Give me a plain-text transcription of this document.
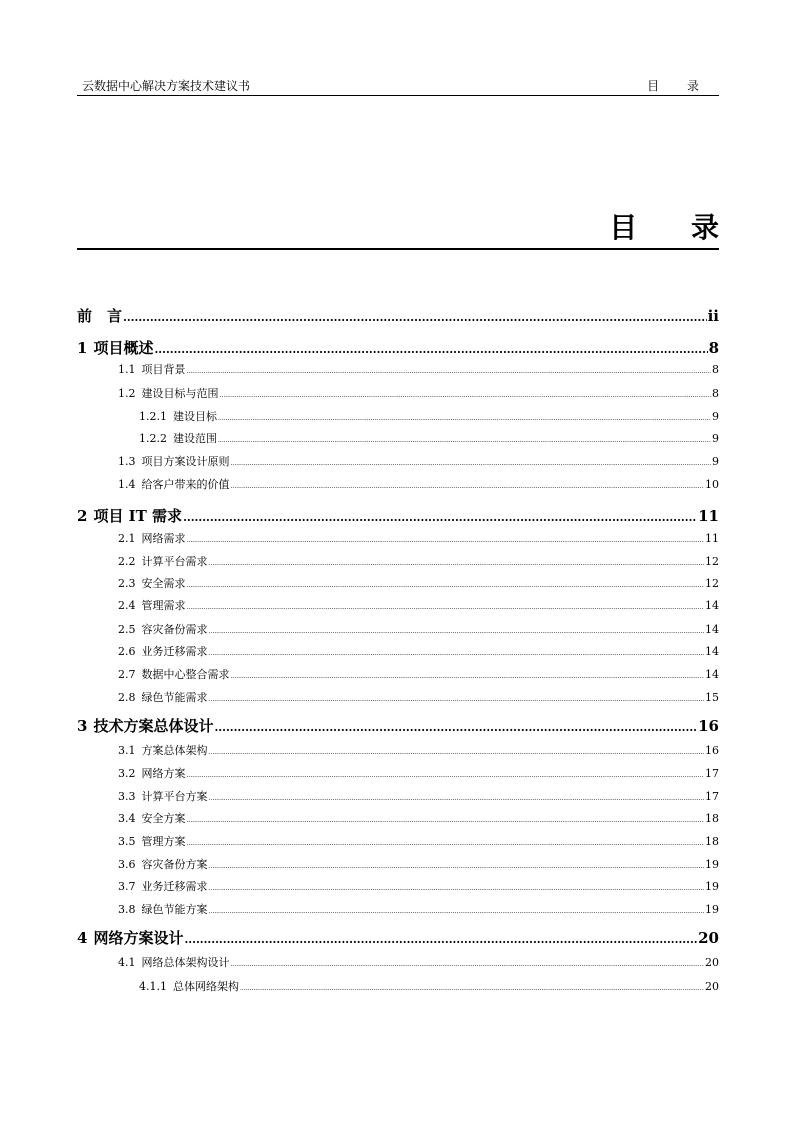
云数据中心解决方案技术建议书	目 录
目 录
前　言 .....	ii
1 项目概述 .....	8
1.1 项目背景 .....	8
1.2 建设目标与范围 .....	8
1.2.1 建设目标 .....	9
1.2.2 建设范围 .....	9
1.3 项目方案设计原则 .....	9
1.4 给客户带来的价值 .....	10
2 项目 IT 需求 .....	11
2.1 网络需求 .....	11
2.2 计算平台需求 .....	12
2.3 安全需求 .....	12
2.4 管理需求 .....	14
2.5 容灾备份需求 .....	14
2.6 业务迁移需求 .....	14
2.7 数据中心整合需求 .....	14
2.8 绿色节能需求 .....	15
3 技术方案总体设计 .....	16
3.1 方案总体架构 .....	16
3.2 网络方案 .....	17
3.3 计算平台方案 .....	17
3.4 安全方案 .....	18
3.5 管理方案 .....	18
3.6 容灾备份方案 .....	19
3.7 业务迁移需求 .....	19
3.8 绿色节能方案 .....	19
4 网络方案设计 .....	20
4.1 网络总体架构设计 .....	20
4.1.1 总体网络架构 .....	20
